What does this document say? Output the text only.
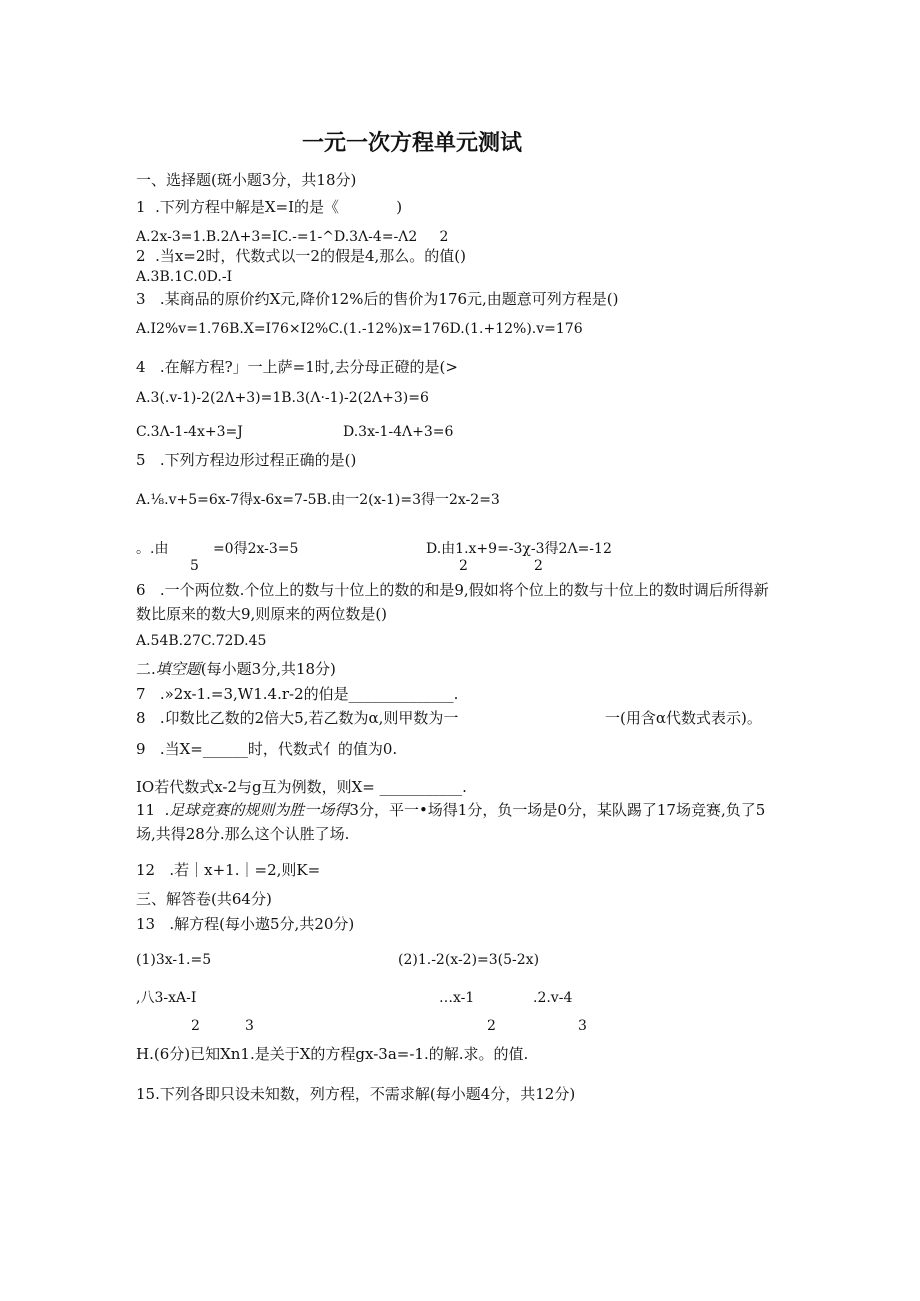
一元一次方程单元测试
一、选择题(斑小题3分，共18分)
1  .下列方程中解是X=I的是《            )
A.2x-3=1.B.2Λ+3=IC.-=1-^D.3Λ-4=-Λ2     2
2  .当x=2时，代数式以一2的假是4,那么。的值()
A.3B.1C.0D.-I
3   .某商品的原价约X元,降价12%后的售价为176元,由题意可列方程是()
A.I2%v=1.76B.X=I76×I2%C.(1.-12%)x=176D.(1.+12%).v=176
4   .在解方程?」一上萨=1时,去分母正磴的是(>
A.3(.v-1)-2(2Λ+3)=1B.3(Λ·-1)-2(2Λ+3)=6
C.3Λ-1-4x+3=J	D.3x-1-4Λ+3=6
5   .下列方程边形过程正确的是()
A.⅛.v+5=6x-7得x-6x=7-5B.由一2(x-1)=3得一2x-2=3
。.由          =0得2x-3=5
5
D.由1.x+9=-3χ-3得2Λ=-12
2	2
6   .一个两位数.个位上的数与十位上的数的和是9,假如将个位上的数与十位上的数时调后所得新
数比原来的数大9,则原来的两位数是()
A.54B.27C.72D.45
二.填空题(每小题3分,共18分)
7   .»2x-1.=3,W1.4.r-2的伯是______________.
8   .卬数比乙数的2倍大5,若乙数为α,则甲数为一	一(用含α代数式表示)。
9   .当X=______时，代数式亻的值为0.
IO若代数式x-2与g互为例数，则X= ___________.
11  .足球竞赛的规则为胜一场得3分，平一•场得1分，负一场是0分，某队踢了17场竞赛,负了5
场,共得28分.那么这个认胜了场.
12   .若｜x+1.｜=2,则K=
三、解答卷(共64分)
13   .解方程(每小遨5分,共20分)
(1)3x-1.=5	(2)1.-2(x-2)=3(5-2x)
,八3-xA-I
2	3
…x-1	.2.v-4
2	3
H.(6分)已知Xn1.是关于X的方程gx-3a=-1.的解.求。的值.
15.下列各即只设未知数，列方程，不需求解(每小题4分，共12分)
